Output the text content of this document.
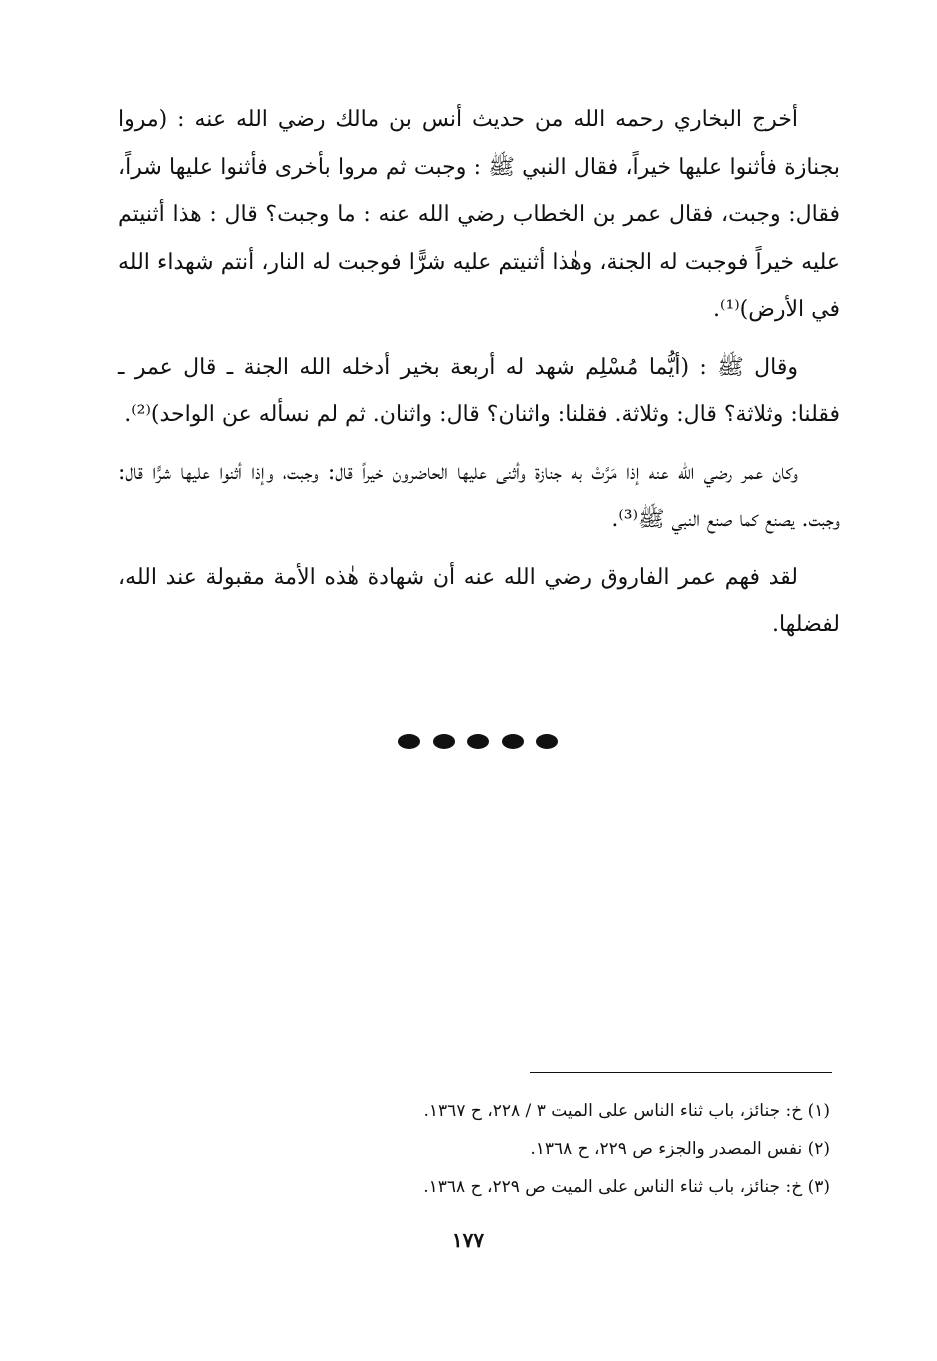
أخرج البخاري رحمه الله من حديث أنس بن مالك رضي الله عنه : (مروا بجنازة فأثنوا عليها خيراً، فقال النبي ﷺ : وجبت ثم مروا بأخرى فأثنوا عليها شراً، فقال: وجبت، فقال عمر بن الخطاب رضي الله عنه : ما وجبت؟ قال : هذا أثنيتم عليه خيراً فوجبت له الجنة، وهٰذا أثنيتم عليه شرًّا فوجبت له النار، أنتم شهداء الله في الأرض)⁽¹⁾.

وقال ﷺ : (أيُّما مُسْلِم شهد له أربعة بخير أدخله الله الجنة ـ قال عمر ـ فقلنا: وثلاثة؟ قال: وثلاثة. فقلنا: واثنان؟ قال: واثنان. ثم لم نسأله عن الواحد)⁽²⁾.

وكان عمر رضي الله عنه إذا مَرَّتْ به جنازة وأثنى عليها الحاضرون خيراً قال: وجبت، وإذا أثنوا عليها شرًّا قال: وجبت. يصنع كما صنع النبي ﷺ⁽³⁾.

لقد فهم عمر الفاروق رضي الله عنه أن شهادة هٰذه الأمة مقبولة عند الله، لفضلها.

(١) خ: جنائز، باب ثناء الناس على الميت ٣ / ٢٢٨، ح ١٣٦٧.

(٢) نفس المصدر والجزء ص ٢٢٩، ح ١٣٦٨.

(٣) خ: جنائز، باب ثناء الناس على الميت ص ٢٢٩، ح ١٣٦٨.

١٧٧
